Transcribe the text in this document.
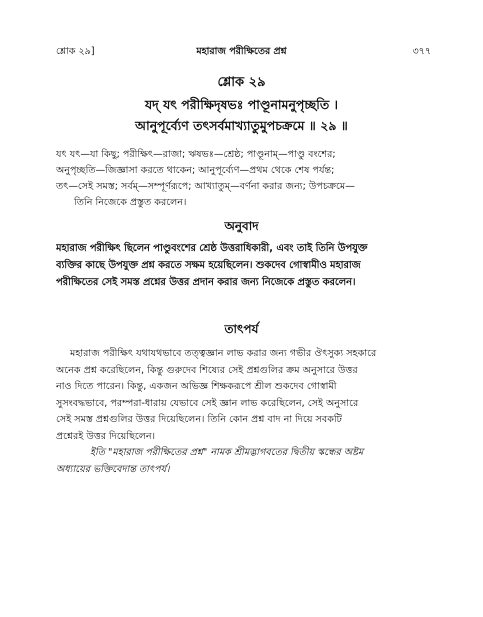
শ্লোক ২৯]	মহারাজ পরীক্ষিতের প্রশ্ন	৩৭৭
শ্লোক ২৯
যদ্ যৎ পরীক্ষিদৃষভঃ পাণ্ডূনামনুপৃচ্ছতি ।
আনুপূর্ব্যেণ তৎসর্বমাখ্যাতুমুপচক্রমে ॥ ২৯ ॥
যৎ যৎ—যা কিছু; পরীক্ষিৎ—রাজা; ঋষভঃ—শ্রেষ্ঠ; পাণ্ডূনাম্—পাণ্ডু বংশের;
অনুপৃচ্ছতি—জিজ্ঞাসা করতে থাকেন; আনুপূর্ব্যেণ—প্রথম থেকে শেষ পর্যন্ত;
তৎ—সেই সমস্ত; সর্বম্—সম্পূর্ণরূপে; আখ্যাতুম্—বর্ণনা করার জন্য; উপচক্রমে—
তিনি নিজেকে প্রস্তুত করলেন।
অনুবাদ
মহারাজ পরীক্ষিৎ ছিলেন পাণ্ডুবংশের শ্রেষ্ঠ উত্তরাধিকারী, এবং তাই তিনি উপযুক্ত
ব্যক্তির কাছে উপযুক্ত প্রশ্ন করতে সক্ষম হয়েছিলেন। শুকদেব গোস্বামীও মহারাজ
পরীক্ষিতের সেই সমস্ত প্রশ্নের উত্তর প্রদান করার জন্য নিজেকে প্রস্তুত করলেন।
তাৎপর্য
মহারাজ পরীক্ষিৎ যথাযথভাবে তত্ত্বজ্ঞান লাভ করার জন্য গভীর ঔৎসুক্য সহকারে
অনেক প্রশ্ন করেছিলেন, কিন্তু গুরুদেব শিষ্যের সেই প্রশ্নগুলির ক্রম অনুসারে উত্তর
নাও দিতে পারেন। কিন্তু, একজন অভিজ্ঞ শিক্ষকরূপে শ্রীল শুকদেব গোস্বামী
সুসংবদ্ধভাবে, পরম্পরা-ধারায় যেভাবে সেই জ্ঞান লাভ করেছিলেন, সেই অনুসারে
সেই সমস্ত প্রশ্নগুলির উত্তর দিয়েছিলেন। তিনি কোন প্রশ্ন বাদ না দিয়ে সবকটি
প্রশ্নেরই উত্তর দিয়েছিলেন।
ইতি "মহারাজ পরীক্ষিতের প্রশ্ন" নামক শ্রীমদ্ভাগবতের দ্বিতীয় স্কন্ধের অষ্টম
অধ্যায়ের ভক্তিবেদান্ত তাৎপর্য।
